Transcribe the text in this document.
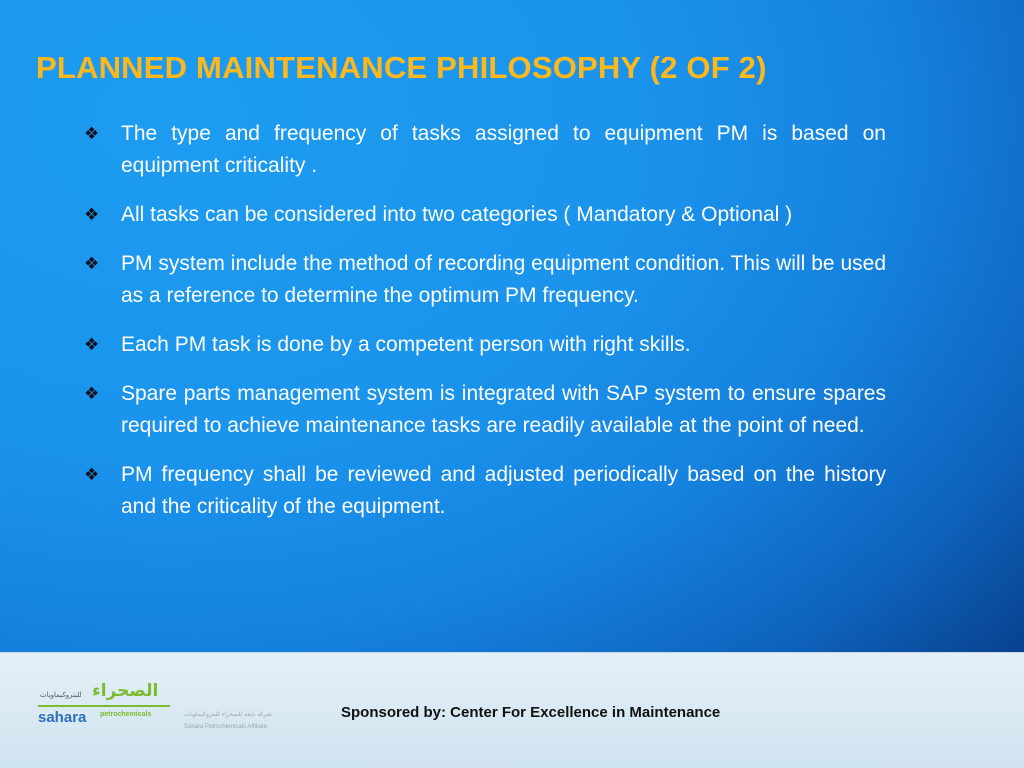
PLANNED MAINTENANCE PHILOSOPHY (2 OF 2)
❖	The type and frequency of tasks assigned to equipment PM is based on equipment criticality .
❖	All tasks can be considered into two categories ( Mandatory & Optional )
❖	PM system include the method of recording equipment condition. This will be used as a reference to determine the optimum PM frequency.
❖	Each PM task is done by a competent person with right skills.
❖	Spare parts management system is integrated with SAP system to ensure spares required to achieve maintenance tasks are readily available at the point of need.
❖	PM frequency shall be reviewed and adjusted periodically based on the history and the criticality of the equipment.
للبتروكيماويات الصحراء
sahara petrochemicals	شركة تابعة للصحراء للبتروكيماويات
Sahara Petrochemicals Affiliate
Sponsored by: Center For Excellence in Maintenance
